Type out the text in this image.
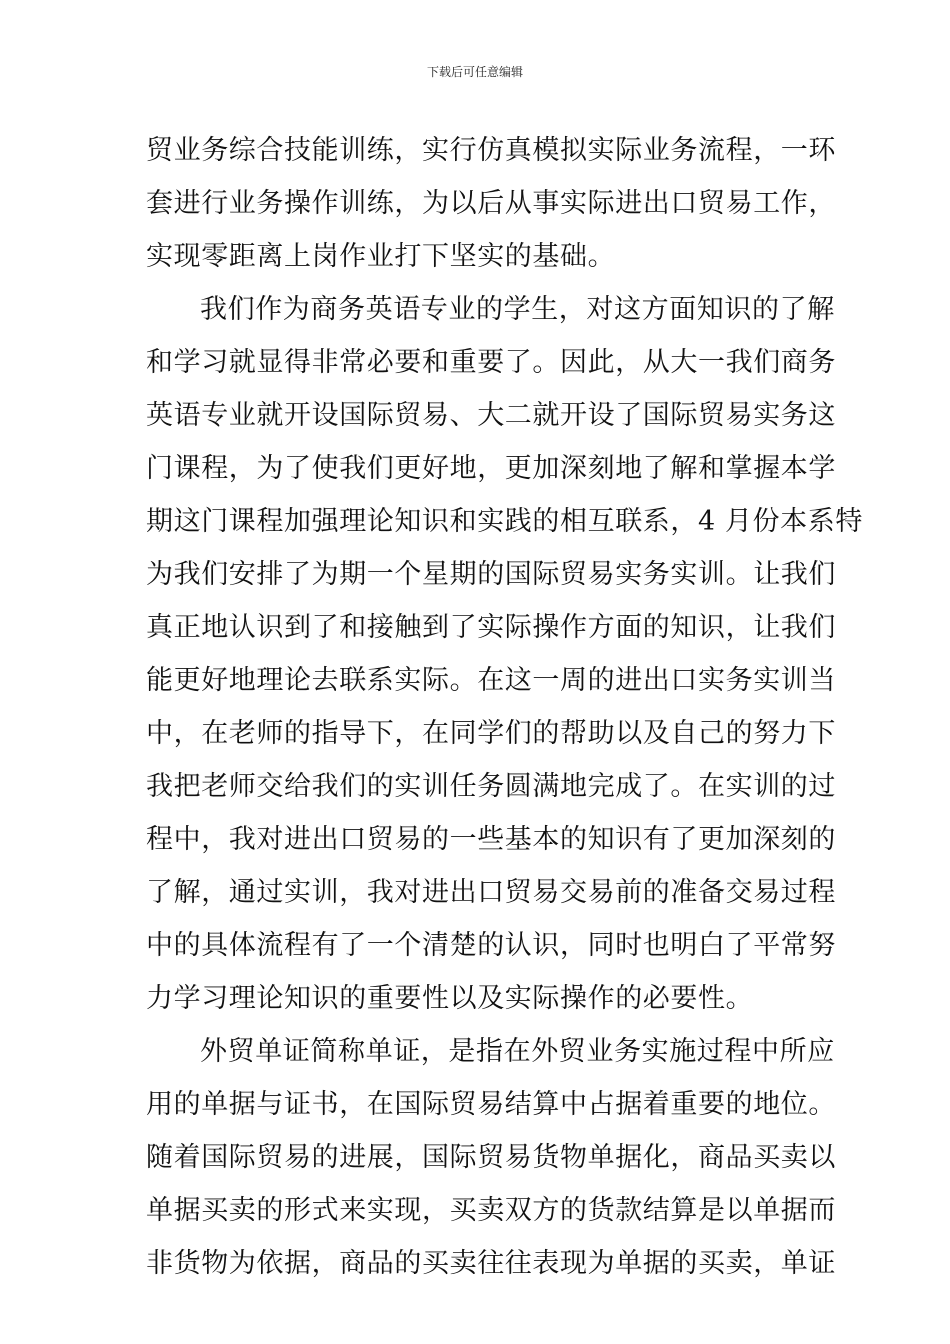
下载后可任意编辑
贸业务综合技能训练，实行仿真模拟实际业务流程，一环
套进行业务操作训练，为以后从事实际进出口贸易工作，
实现零距离上岗作业打下坚实的基础。
我们作为商务英语专业的学生，对这方面知识的了解
和学习就显得非常必要和重要了。因此，从大一我们商务
英语专业就开设国际贸易、大二就开设了国际贸易实务这
门课程，为了使我们更好地，更加深刻地了解和掌握本学
期这门课程加强理论知识和实践的相互联系，4 月份本系特
为我们安排了为期一个星期的国际贸易实务实训。让我们
真正地认识到了和接触到了实际操作方面的知识，让我们
能更好地理论去联系实际。在这一周的进出口实务实训当
中，在老师的指导下，在同学们的帮助以及自己的努力下
我把老师交给我们的实训任务圆满地完成了。在实训的过
程中，我对进出口贸易的一些基本的知识有了更加深刻的
了解，通过实训，我对进出口贸易交易前的准备交易过程
中的具体流程有了一个清楚的认识，同时也明白了平常努
力学习理论知识的重要性以及实际操作的必要性。
外贸单证简称单证，是指在外贸业务实施过程中所应
用的单据与证书，在国际贸易结算中占据着重要的地位。
随着国际贸易的进展，国际贸易货物单据化，商品买卖以
单据买卖的形式来实现，买卖双方的货款结算是以单据而
非货物为依据，商品的买卖往往表现为单据的买卖，单证
